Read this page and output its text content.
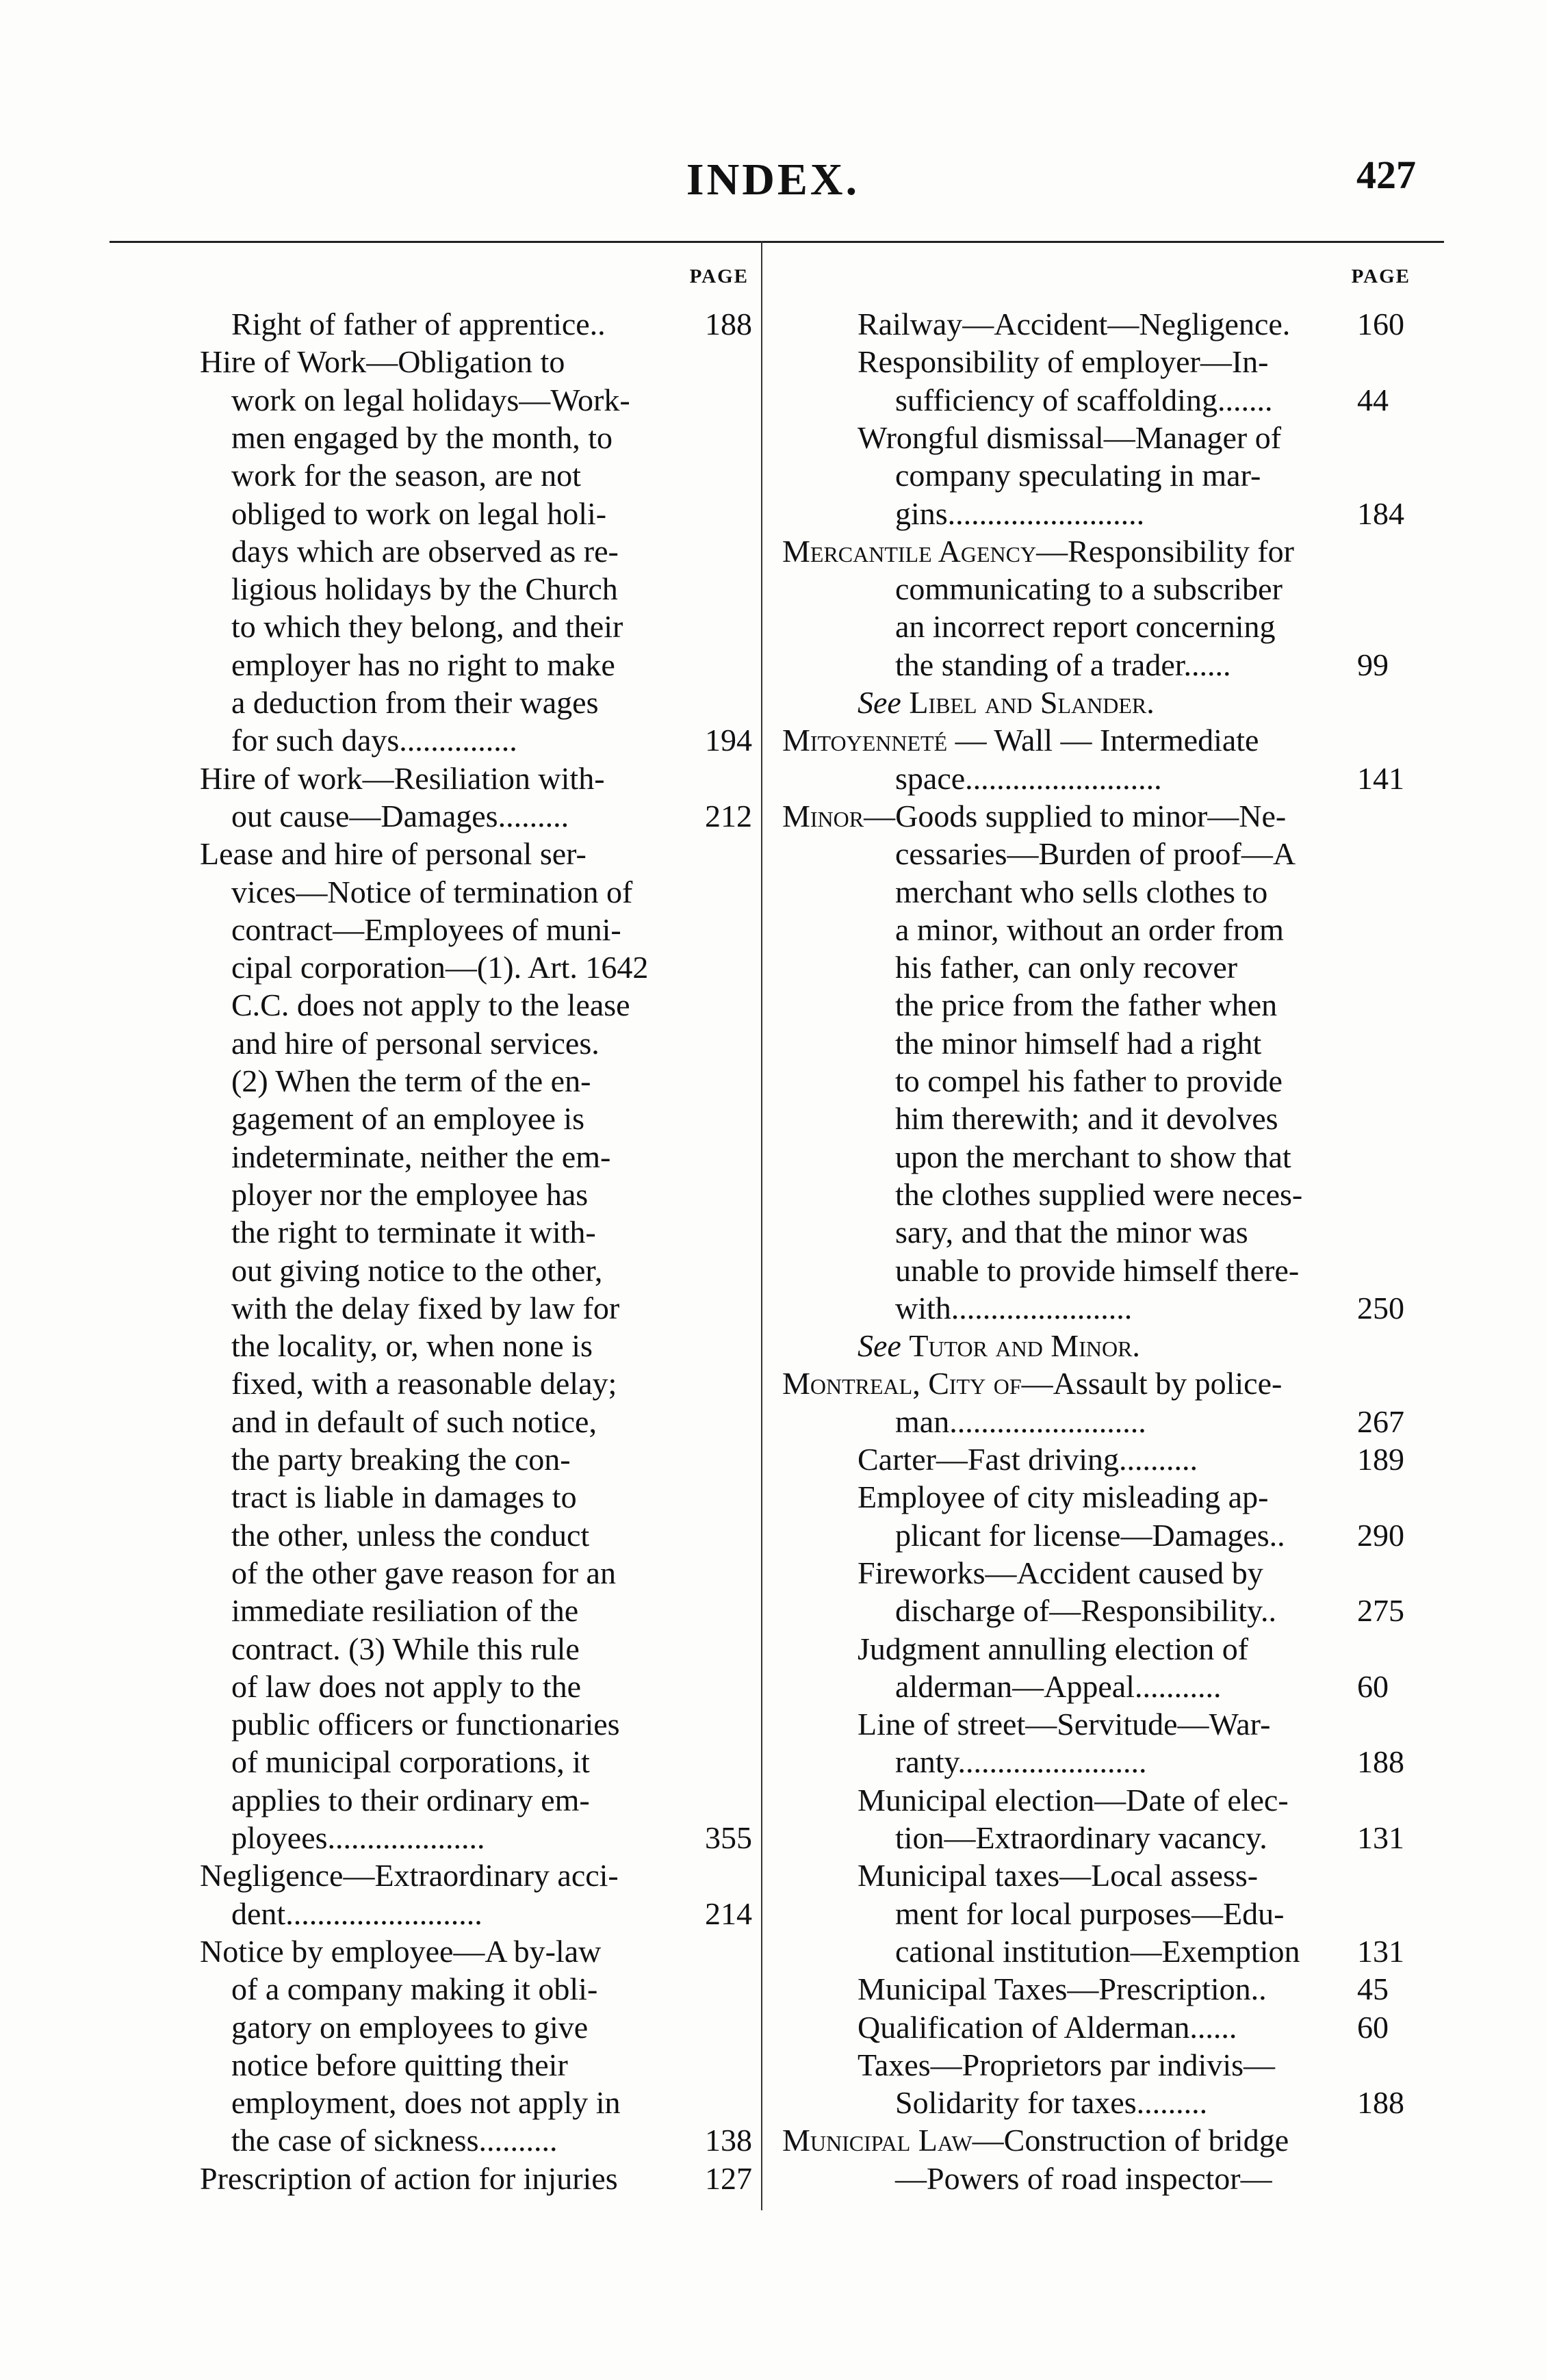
INDEX.	427
PAGE	PAGE
Right of father of apprentice..	188
Hire of Work—Obligation to
work on legal holidays—Work-
men engaged by the month, to
work for the season, are not
obliged to work on legal holi-
days which are observed as re-
ligious holidays by the Church
to which they belong, and their
employer has no right to make
a deduction from their wages
for such days...............	194
Hire of work—Resiliation with-
out cause—Damages.........	212
Lease and hire of personal ser-
vices—Notice of termination of
contract—Employees of muni-
cipal corporation—(1). Art. 1642
C.C. does not apply to the lease
and hire of personal services.
(2) When the term of the en-
gagement of an employee is
indeterminate, neither the em-
ployer nor the employee has
the right to terminate it with-
out giving notice to the other,
with the delay fixed by law for
the locality, or, when none is
fixed, with a reasonable delay;
and in default of such notice,
the party breaking the con-
tract is liable in damages to
the other, unless the conduct
of the other gave reason for an
immediate resiliation of the
contract. (3) While this rule
of law does not apply to the
public officers or functionaries
of municipal corporations, it
applies to their ordinary em-
ployees....................	355
Negligence—Extraordinary acci-
dent.........................	214
Notice by employee—A by-law
of a company making it obli-
gatory on employees to give
notice before quitting their
employment, does not apply in
the case of sickness..........	138
Prescription of action for injuries	127
Railway—Accident—Negligence. 160
Responsibility of employer—In-
sufficiency of scaffolding.......	44
Wrongful dismissal—Manager of
company speculating in mar-
gins.........................	184
Mercantile Agency—Responsibility for
communicating to a subscriber
an incorrect report concerning
the standing of a trader......	99
See Libel and Slander.
Mitoyenneté — Wall — Intermediate
space.........................	141
Minor—Goods supplied to minor—Ne-
cessaries—Burden of proof—A
merchant who sells clothes to
a minor, without an order from
his father, can only recover
the price from the father when
the minor himself had a right
to compel his father to provide
him therewith; and it devolves
upon the merchant to show that
the clothes supplied were neces-
sary, and that the minor was
unable to provide himself there-
with.......................	250
See Tutor and Minor.
Montreal, City of—Assault by police-
man.........................	267
Carter—Fast driving..........	189
Employee of city misleading ap-
plicant for license—Damages.. 290
Fireworks—Accident caused by
discharge of—Responsibility..	275
Judgment annulling election of
alderman—Appeal...........	60
Line of street—Servitude—War-
ranty........................	188
Municipal election—Date of elec-
tion—Extraordinary vacancy.	131
Municipal taxes—Local assess-
ment for local purposes—Edu-
cational institution—Exemption 131
Municipal Taxes—Prescription..	45
Qualification of Alderman......	60
Taxes—Proprietors par indivis—
Solidarity for taxes.........	188
Municipal Law—Construction of bridge
—Powers of road inspector—
